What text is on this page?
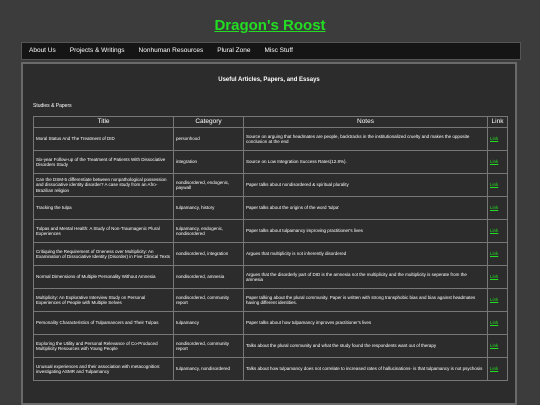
Dragon's Roost
About Us	Projects & Writings	Nonhuman Resources	Plural Zone	Misc Stuff
Useful Articles, Papers, and Essays
Studies & Papers
Title	Category	Notes	Link
Moral Status And The Treatment of DID	personhood	Source on arguing that headmates are people, backtracks in the institutionalized cruelty and makes the opposite conclusion at the end	Link
Six-year Follow-up of the Treatment of Patients With Dissociative Disorders Study	integration	Source on Low Integration Success Rates(12.8%).	Link
Can the DSM-5 differentiate between nonpathological possession and dissociative identity disorder? A case study from an Afro-Brazilian religion	nondisordered, endogenic, paywall	Paper talks about nondisordered & spiritual plurality	Link
Tracking the tulpa	tulpamancy, history	Paper talks about the origins of the word 'tulpa'	Link
Tulpas and Mental Health: A Study of Non-Traumagenic Plural Experiences	tulpamancy, endogenic, nondisordered	Paper talks about tulpamancy improving practitioner's lives	Link
Critiquing the Requirement of Oneness over Multiplicity: An Examination of Dissociative Identity (Disorder) in Five Clinical Texts	nondisordered, integration	Argues that multiplicity is not inherently disordered	Link
Normal Dimensions of Multiple Personality Without Amnesia	nondisordered, amnesia	Argues that the disorderly part of DID is the amnesia not the multiplicity and the multiplicity is seperate from the amnesia	Link
Multiplicity: An Explorative Interview Study on Personal Experiences of People with Multiple Selves	nondisordered, community report	Paper talking about the plural community. Paper is written with strong transphobic bias and bias against headmates having different identities.	Link
Personality Characteristics of Tulpamancers and Their Tulpas	tulpamancy	Paper talks about how tulpamancy improves practitioner's lives	Link
Exploring the Utility and Personal Relevance of Co-Produced Multiplicity Resources with Young People	nondisordered, community report	Talks about the plural community and what the study found the respondents want out of therapy	Link
Unusual experiences and their association with metacognition: investigating ASMR and Tulpamancy	tulpamancy, nondisordered	Talks about how tulpamancy does not correlate to increased rates of hallucinations- is that tulpamancy is not psychosis	Link
